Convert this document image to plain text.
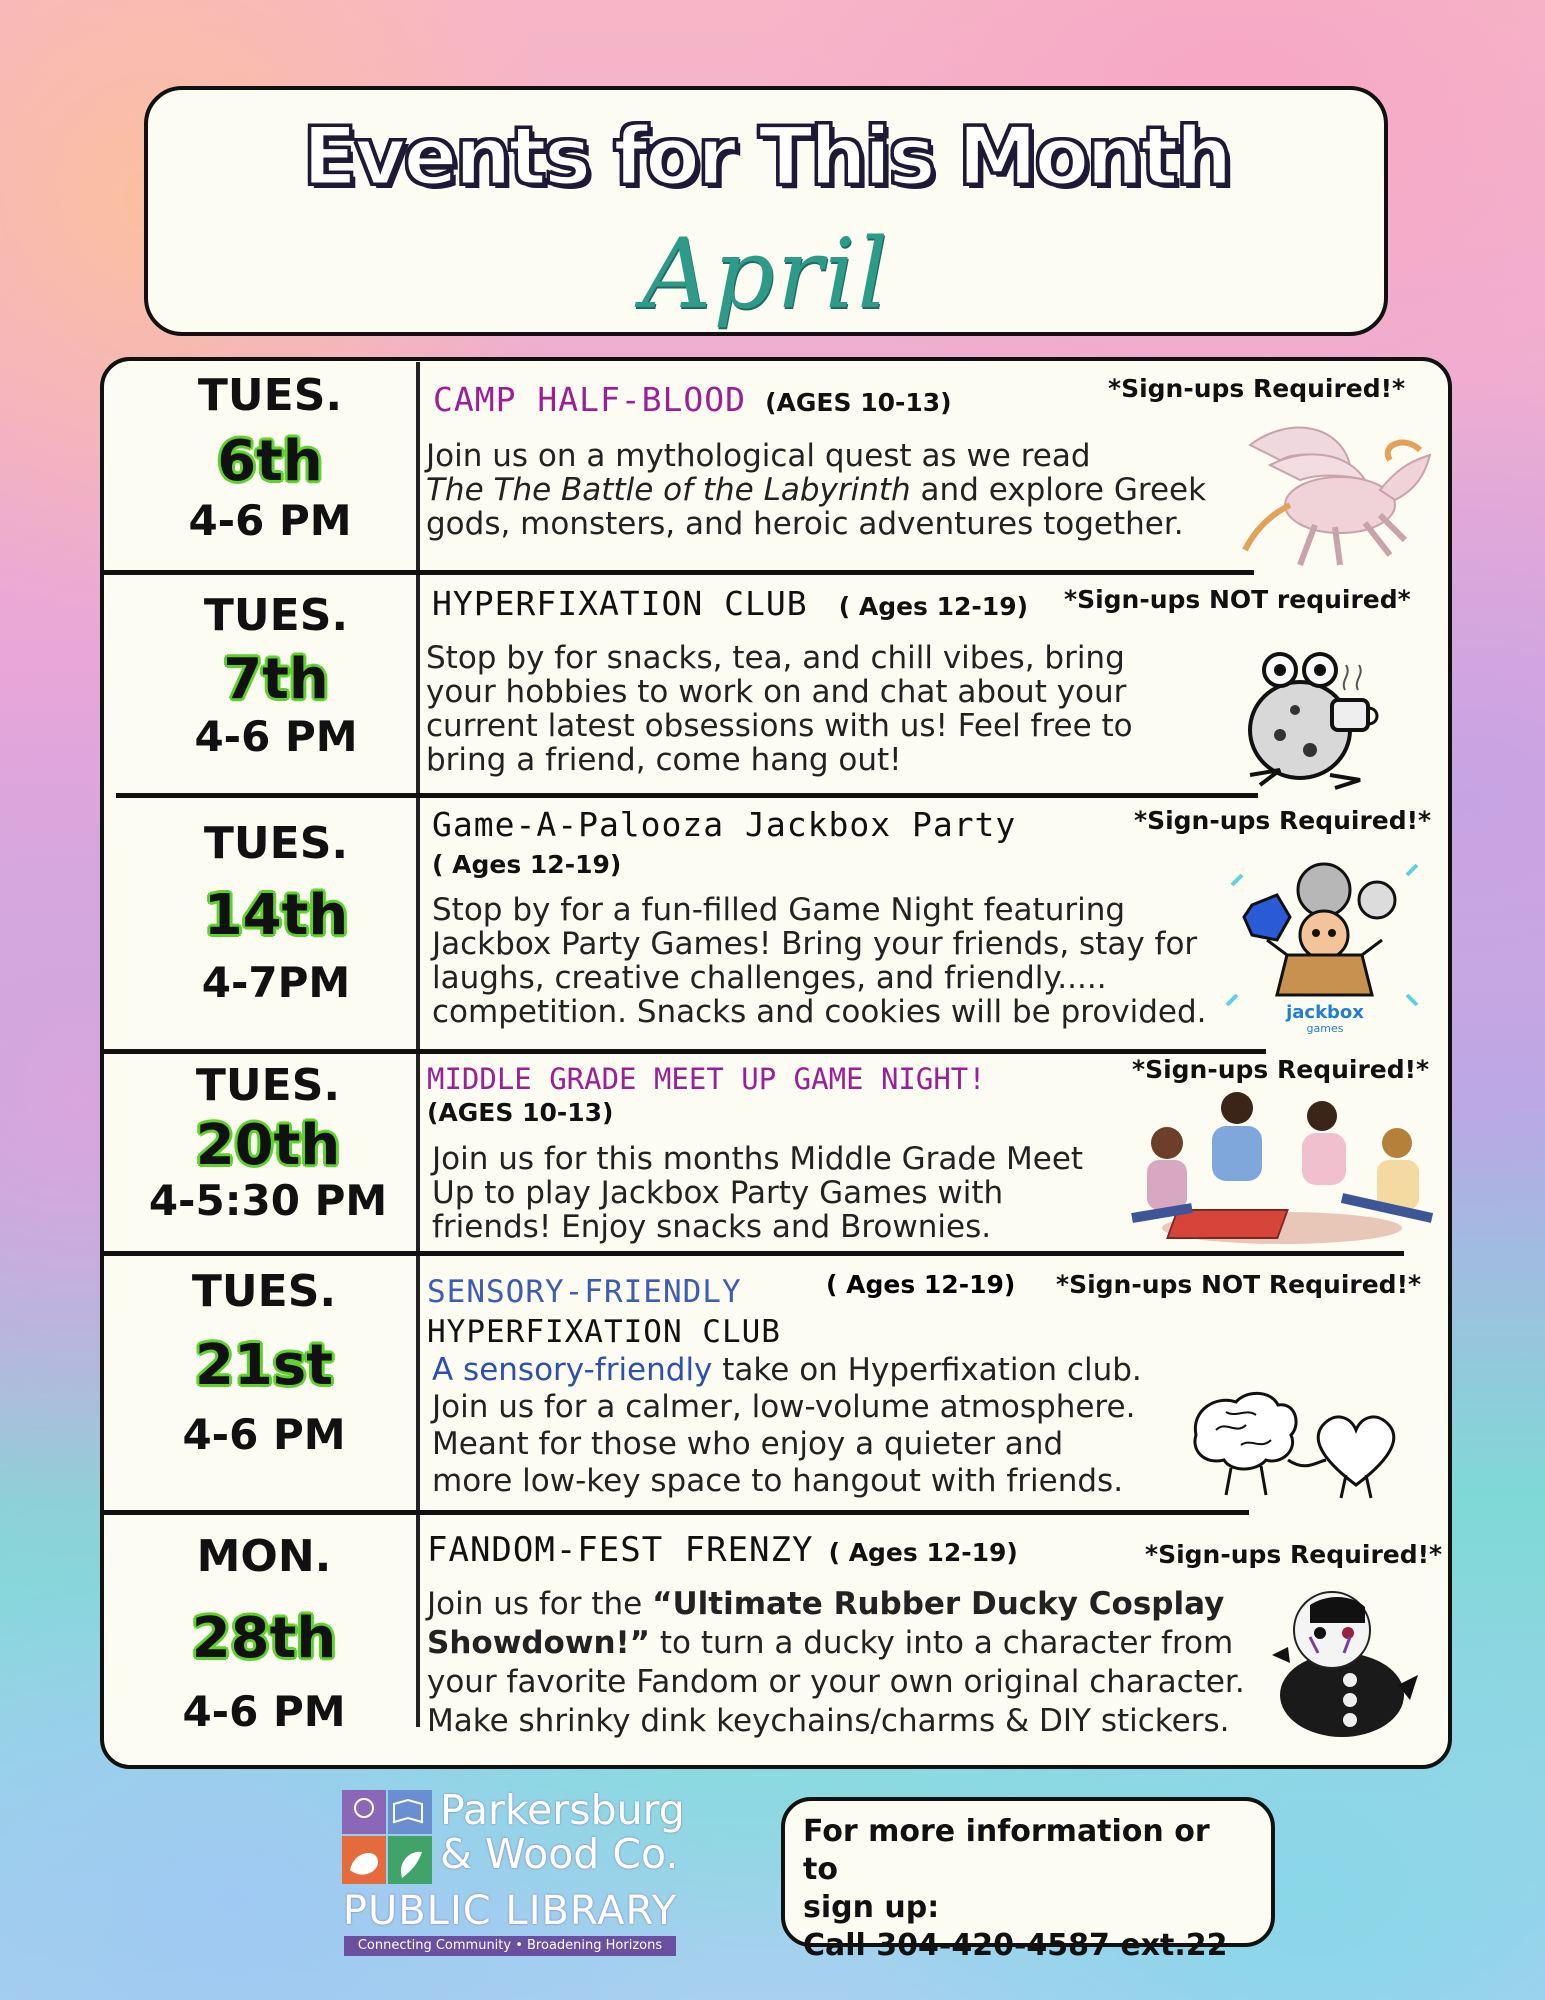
Events for This Month
April
TUES.
6th
4-6 PM
CAMP HALF-BLOOD (AGES 10-13)	*Sign-ups Required!*
Join us on a mythological quest as we read
The The Battle of the Labyrinth and explore Greek
gods, monsters, and heroic adventures together.
TUES.
7th
4-6 PM
HYPERFIXATION CLUB ( Ages 12-19) *Sign-ups NOT required*
Stop by for snacks, tea, and chill vibes, bring
your hobbies to work on and chat about your
current latest obsessions with us! Feel free to
bring a friend, come hang out!
TUES.
14th
4-7PM
Game-A-Palooza Jackbox Party
( Ages 12-19)
*Sign-ups Required!*
Stop by for a fun-filled Game Night featuring
Jackbox Party Games! Bring your friends, stay for
laughs, creative challenges, and friendly.....
competition. Snacks and cookies will be provided.	jackbox
games
TUES.
20th
4-5:30 PM
MIDDLE GRADE MEET UP GAME NIGHT!
(AGES 10-13)
*Sign-ups Required!*
Join us for this months Middle Grade Meet
Up to play Jackbox Party Games with
friends! Enjoy snacks and Brownies.
TUES.
21st
4-6 PM
SENSORY-FRIENDLY
HYPERFIXATION CLUB
( Ages 12-19) *Sign-ups NOT Required!*
A sensory-friendly take on Hyperfixation club.
Join us for a calmer, low-volume atmosphere.
Meant for those who enjoy a quieter and
more low-key space to hangout with friends.
MON.
28th
4-6 PM
FANDOM-FEST FRENZY ( Ages 12-19)	*Sign-ups Required!*
Join us for the “Ultimate Rubber Ducky Cosplay
Showdown!” to turn a ducky into a character from
your favorite Fandom or your own original character.
Make shrinky dink keychains/charms & DIY stickers.
Parkersburg
& Wood Co.
PUBLIC LIBRARY
Connecting Community • Broadening Horizons
For more information or to
sign up:
Call 304-420-4587 ext.22
